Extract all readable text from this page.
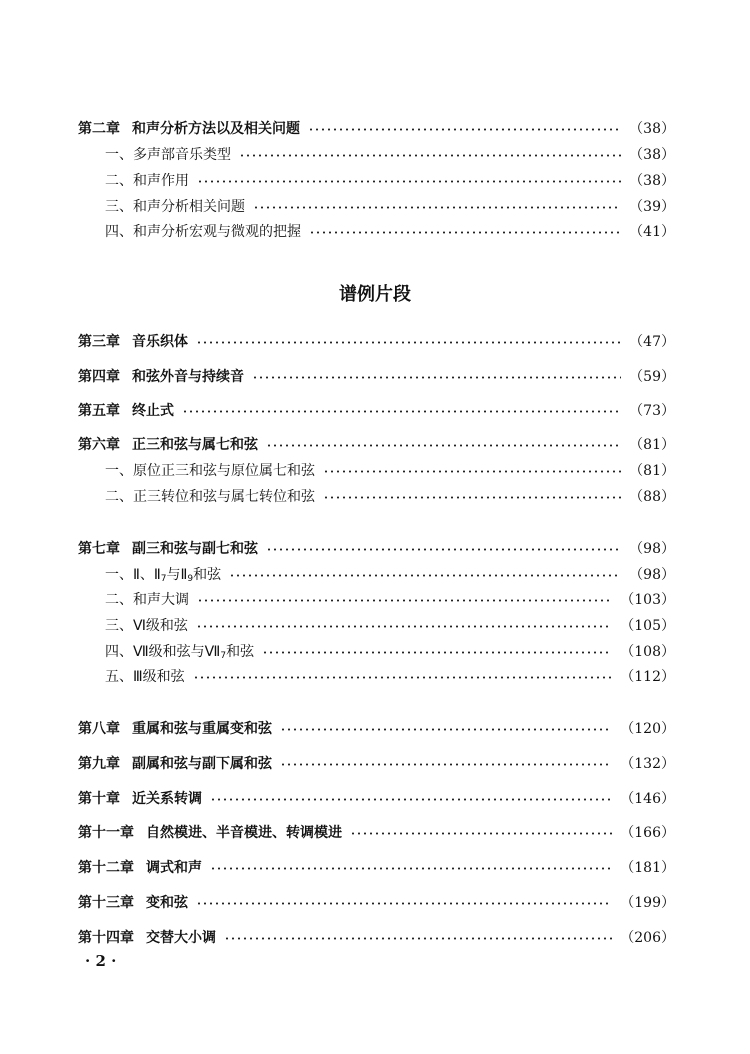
第二章 和声分析方法以及相关问题	（38）
一、多声部音乐类型	（38）
二、和声作用	（38）
三、和声分析相关问题	（39）
四、和声分析宏观与微观的把握	（41）
谱例片段
第三章 音乐织体	（47）
第四章 和弦外音与持续音	（59）
第五章 终止式	（73）
第六章 正三和弦与属七和弦	（81）
一、原位正三和弦与原位属七和弦	（81）
二、正三转位和弦与属七转位和弦	（88）
第七章 副三和弦与副七和弦	（98）
一、Ⅱ、$Ⅱ_7$与$Ⅱ_9$和弦	（98）
二、和声大调	（103）
三、Ⅵ级和弦	（105）
四、Ⅶ级和弦与$Ⅶ_7$和弦	（108）
五、Ⅲ级和弦	（112）
第八章 重属和弦与重属变和弦	（120）
第九章 副属和弦与副下属和弦	（132）
第十章 近关系转调	（146）
第十一章 自然模进、半音模进、转调模进	（166）
第十二章 调式和声	（181）
第十三章 变和弦	（199）
第十四章 交替大小调	（206）
· 2 ·
